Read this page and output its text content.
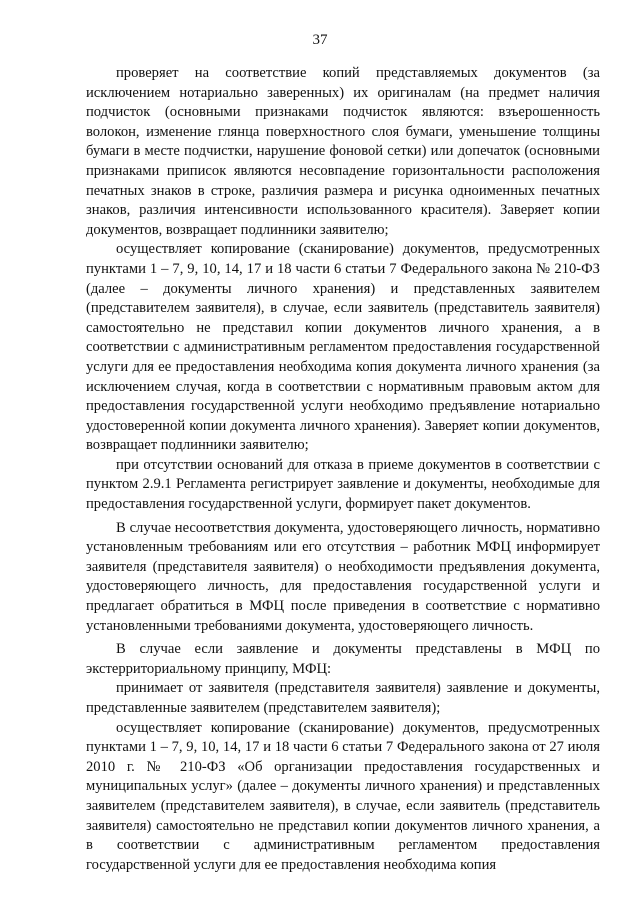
37

проверяет на соответствие копий представляемых документов (за исключением нотариально заверенных) их оригиналам (на предмет наличия подчисток (основными признаками подчисток являются: взъерошенность волокон, изменение глянца поверхностного слоя бумаги, уменьшение толщины бумаги в месте подчистки, нарушение фоновой сетки) или допечаток (основными признаками приписок являются несовпадение горизонтальности расположения печатных знаков в строке, различия размера и рисунка одноименных печатных знаков, различия интенсивности использованного красителя). Заверяет копии документов, возвращает подлинники заявителю;

осуществляет копирование (сканирование) документов, предусмотренных пунктами 1 – 7, 9, 10, 14, 17 и 18 части 6 статьи 7 Федерального закона № 210-ФЗ (далее – документы личного хранения) и представленных заявителем (представителем заявителя), в случае, если заявитель (представитель заявителя) самостоятельно не представил копии документов личного хранения, а в соответствии с административным регламентом предоставления государственной услуги для ее предоставления необходима копия документа личного хранения (за исключением случая, когда в соответствии с нормативным правовым актом для предоставления государственной услуги необходимо предъявление нотариально удостоверенной копии документа личного хранения). Заверяет копии документов, возвращает подлинники заявителю;

при отсутствии оснований для отказа в приеме документов в соответствии с пунктом 2.9.1 Регламента регистрирует заявление и документы, необходимые для предоставления государственной услуги, формирует пакет документов.

В случае несоответствия документа, удостоверяющего личность, нормативно установленным требованиям или его отсутствия – работник МФЦ информирует заявителя (представителя заявителя) о необходимости предъявления документа, удостоверяющего личность, для предоставления государственной услуги и предлагает обратиться в МФЦ после приведения в соответствие с нормативно установленными требованиями документа, удостоверяющего личность.

В случае если заявление и документы представлены в МФЦ по экстерриториальному принципу, МФЦ:

принимает от заявителя (представителя заявителя) заявление и документы, представленные заявителем (представителем заявителя);

осуществляет копирование (сканирование) документов, предусмотренных пунктами 1 – 7, 9, 10, 14, 17 и 18 части 6 статьи 7 Федерального закона от 27 июля 2010 г. № 210-ФЗ «Об организации предоставления государственных и муниципальных услуг» (далее – документы личного хранения) и представленных заявителем (представителем заявителя), в случае, если заявитель (представитель заявителя) самостоятельно не представил копии документов личного хранения, а в соответствии с административным регламентом предоставления государственной услуги для ее предоставления необходима копия
